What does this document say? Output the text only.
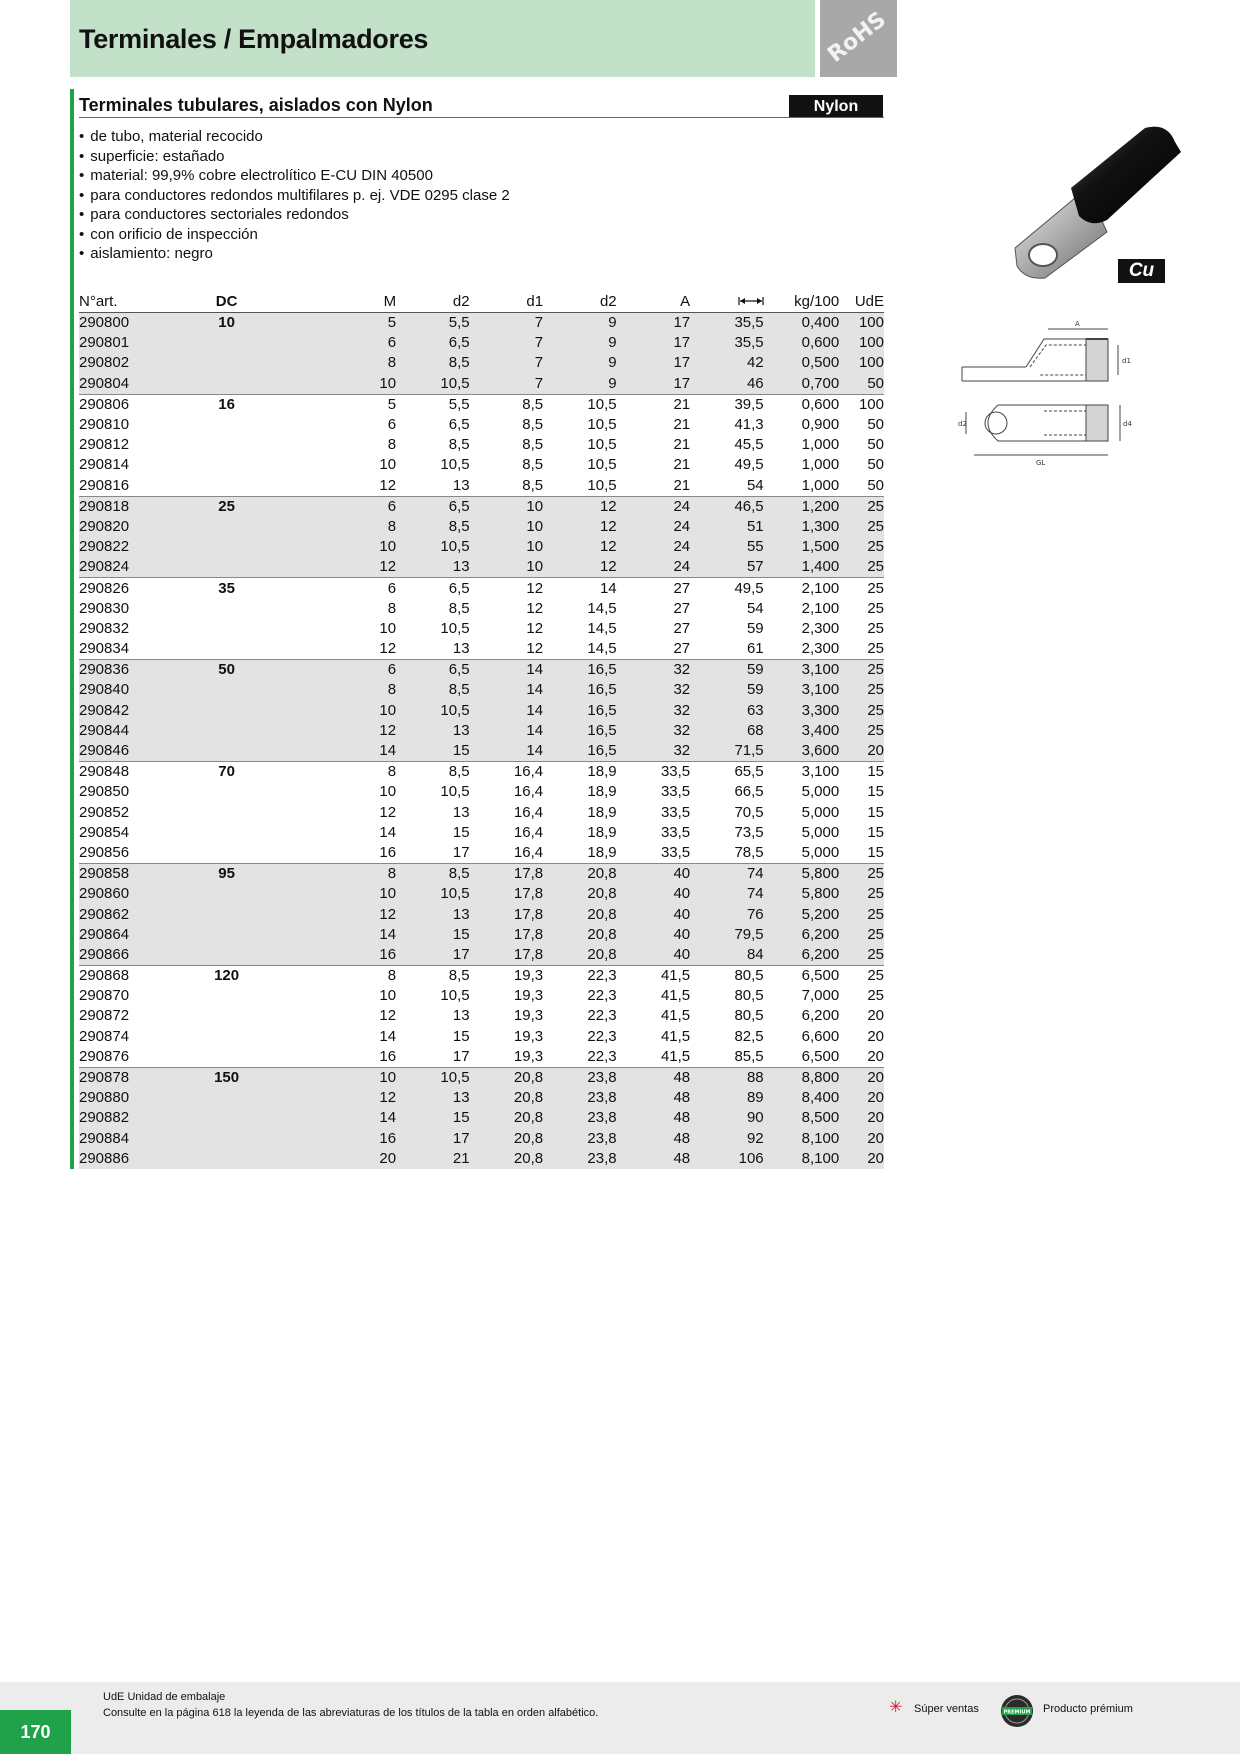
Terminales / Empalmadores	RoHS
Terminales tubulares, aislados con Nylon	Nylon
• de tubo, material recocido
• superficie: estañado
• material: 99,9% cobre electrolítico E-CU DIN 40500
• para conductores redondos multifilares p. ej. VDE 0295 clase 2
• para conductores sectoriales redondos
• con orificio de inspección
• aislamiento: negro
Cu
A
d1
d2	d4
GL
N°art.	DC	M	d2	d1	d2	A		kg/100	UdE
290800	10	5	5,5	7	9	17	35,5	0,400	100
290801		6	6,5	7	9	17	35,5	0,600	100
290802		8	8,5	7	9	17	42	0,500	100
290804		10	10,5	7	9	17	46	0,700	50
290806	16	5	5,5	8,5	10,5	21	39,5	0,600	100
290810		6	6,5	8,5	10,5	21	41,3	0,900	50
290812		8	8,5	8,5	10,5	21	45,5	1,000	50
290814		10	10,5	8,5	10,5	21	49,5	1,000	50
290816		12	13	8,5	10,5	21	54	1,000	50
290818	25	6	6,5	10	12	24	46,5	1,200	25
290820		8	8,5	10	12	24	51	1,300	25
290822		10	10,5	10	12	24	55	1,500	25
290824		12	13	10	12	24	57	1,400	25
290826	35	6	6,5	12	14	27	49,5	2,100	25
290830		8	8,5	12	14,5	27	54	2,100	25
290832		10	10,5	12	14,5	27	59	2,300	25
290834		12	13	12	14,5	27	61	2,300	25
290836	50	6	6,5	14	16,5	32	59	3,100	25
290840		8	8,5	14	16,5	32	59	3,100	25
290842		10	10,5	14	16,5	32	63	3,300	25
290844		12	13	14	16,5	32	68	3,400	25
290846		14	15	14	16,5	32	71,5	3,600	20
290848	70	8	8,5	16,4	18,9	33,5	65,5	3,100	15
290850		10	10,5	16,4	18,9	33,5	66,5	5,000	15
290852		12	13	16,4	18,9	33,5	70,5	5,000	15
290854		14	15	16,4	18,9	33,5	73,5	5,000	15
290856		16	17	16,4	18,9	33,5	78,5	5,000	15
290858	95	8	8,5	17,8	20,8	40	74	5,800	25
290860		10	10,5	17,8	20,8	40	74	5,800	25
290862		12	13	17,8	20,8	40	76	5,200	25
290864		14	15	17,8	20,8	40	79,5	6,200	25
290866		16	17	17,8	20,8	40	84	6,200	25
290868	120	8	8,5	19,3	22,3	41,5	80,5	6,500	25
290870		10	10,5	19,3	22,3	41,5	80,5	7,000	25
290872		12	13	19,3	22,3	41,5	80,5	6,200	20
290874		14	15	19,3	22,3	41,5	82,5	6,600	20
290876		16	17	19,3	22,3	41,5	85,5	6,500	20
290878	150	10	10,5	20,8	23,8	48	88	8,800	20
290880		12	13	20,8	23,8	48	89	8,400	20
290882		14	15	20,8	23,8	48	90	8,500	20
290884		16	17	20,8	23,8	48	92	8,100	20
290886		20	21	20,8	23,8	48	106	8,100	20
170
UdE Unidad de embalaje
Consulte en la página 618 la leyenda de las abreviaturas de los títulos de la tabla en orden alfabético.	✳ Súper ventas	PREMIUM Producto prémium
